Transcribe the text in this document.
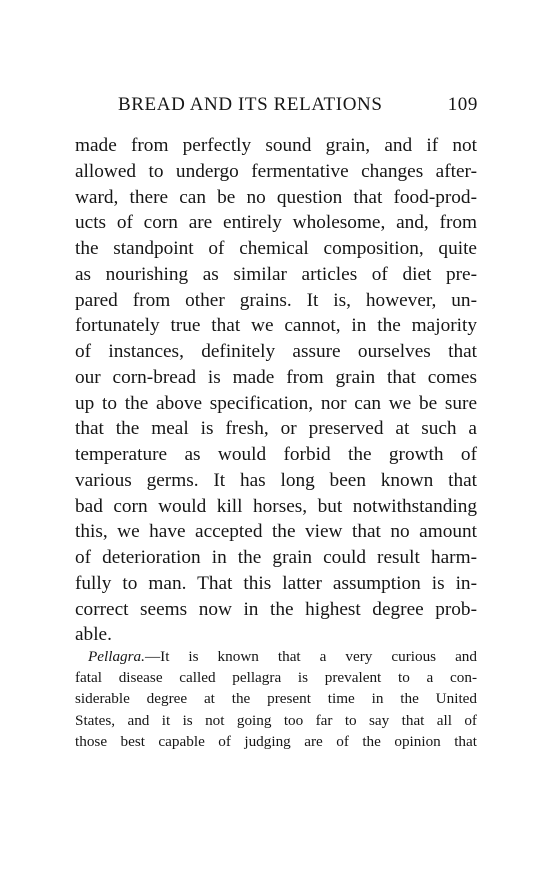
BREAD AND ITS RELATIONS	109
made from perfectly sound grain, and if not
allowed to undergo fermentative changes after-
ward, there can be no question that food-prod-
ucts of corn are entirely wholesome, and, from
the standpoint of chemical composition, quite
as nourishing as similar articles of diet pre-
pared from other grains. It is, however, un-
fortunately true that we cannot, in the majority
of instances, definitely assure ourselves that
our corn-bread is made from grain that comes
up to the above specification, nor can we be sure
that the meal is fresh, or preserved at such a
temperature as would forbid the growth of
various germs. It has long been known that
bad corn would kill horses, but notwithstanding
this, we have accepted the view that no amount
of deterioration in the grain could result harm-
fully to man. That this latter assumption is in-
correct seems now in the highest degree prob-
able.
Pellagra.—It is known that a very curious and
fatal disease called pellagra is prevalent to a con-
siderable degree at the present time in the United
States, and it is not going too far to say that all of
those best capable of judging are of the opinion that
